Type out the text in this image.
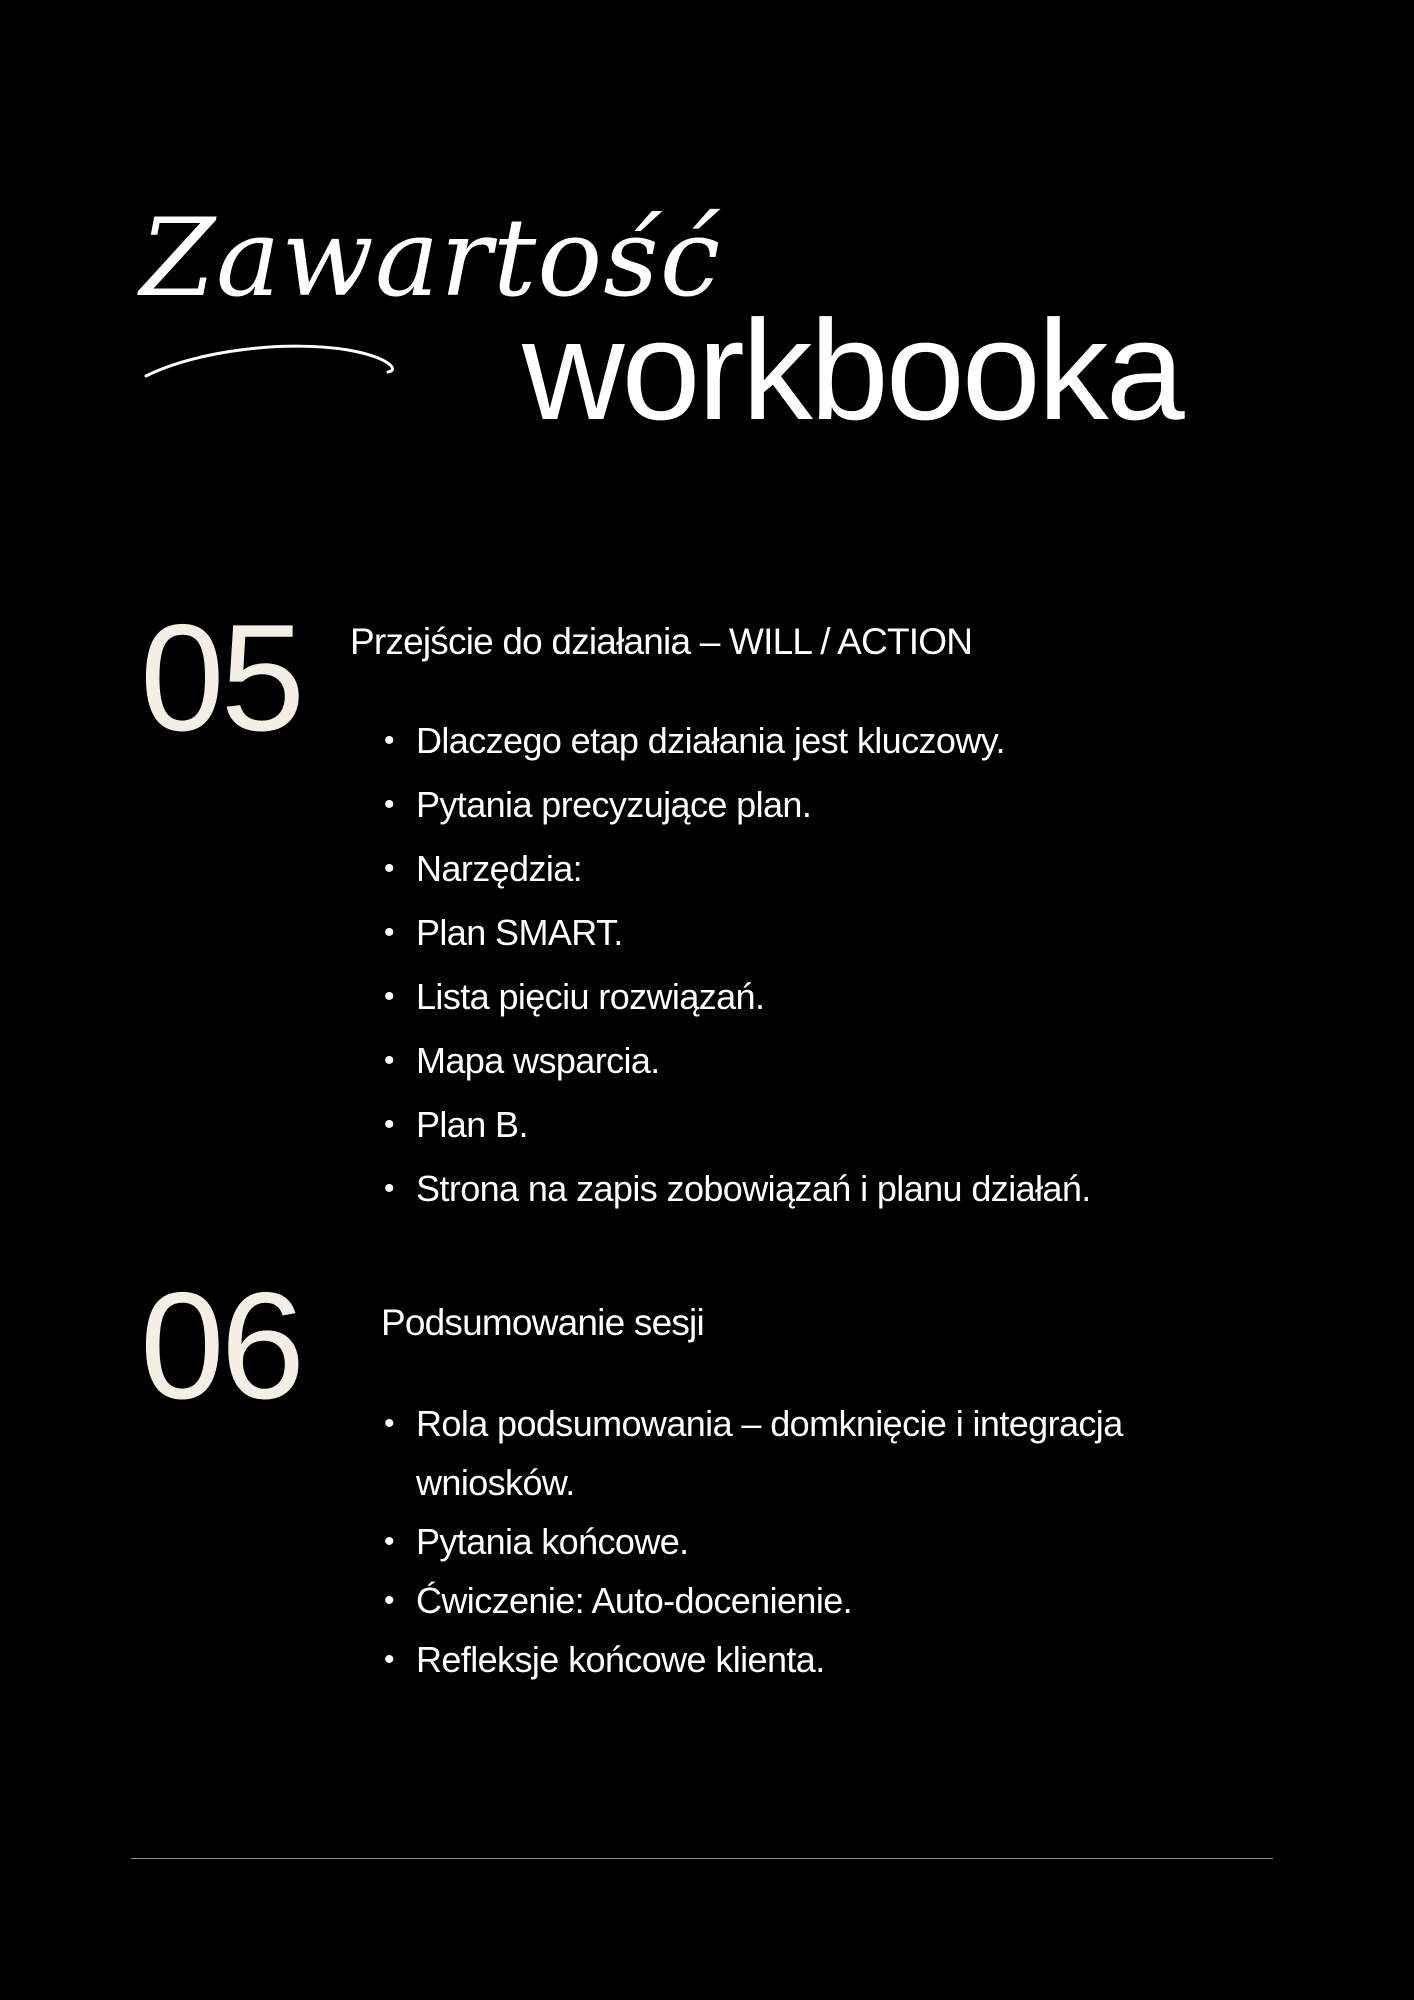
Zawartość
workbooka
05 Przejście do działania – WILL / ACTION
• Dlaczego etap działania jest kluczowy.
• Pytania precyzujące plan.
• Narzędzia:
• Plan SMART.
• Lista pięciu rozwiązań.
• Mapa wsparcia.
• Plan B.
• Strona na zapis zobowiązań i planu działań.
06 Podsumowanie sesji
• Rola podsumowania – domknięcie i integracja wniosków.
• Pytania końcowe.
• Ćwiczenie: Auto-docenienie.
• Refleksje końcowe klienta.
